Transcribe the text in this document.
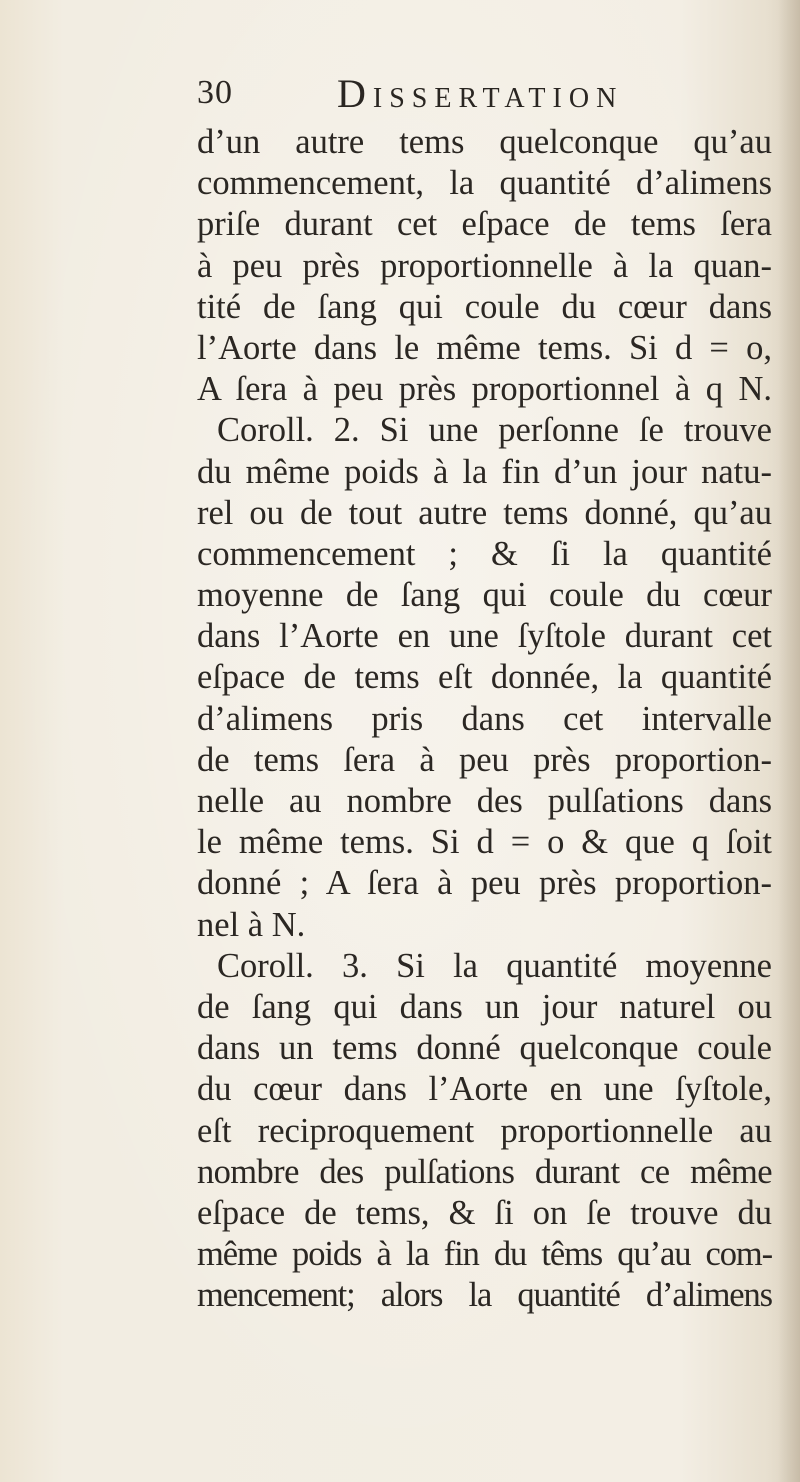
30	Dissertation
d’un autre tems quelconque qu’au
commencement, la quantité d’alimens
priſe durant cet eſpace de tems ſera
à peu près proportionnelle à la quan-
tité de ſang qui coule du cœur dans
l’Aorte dans le même tems. Si d = o,
A ſera à peu près proportionnel à q N.
Coroll. 2. Si une perſonne ſe trouve
du même poids à la fin d’un jour natu-
rel ou de tout autre tems donné, qu’au
commencement ; & ſi la quantité
moyenne de ſang qui coule du cœur
dans l’Aorte en une ſyſtole durant cet
eſpace de tems eſt donnée, la quantité
d’alimens pris dans cet intervalle
de tems ſera à peu près proportion-
nelle au nombre des pulſations dans
le même tems. Si d = o & que q ſoit
donné ; A ſera à peu près proportion-
nel à N.
Coroll. 3. Si la quantité moyenne
de ſang qui dans un jour naturel ou
dans un tems donné quelconque coule
du cœur dans l’Aorte en une ſyſtole,
eſt reciproquement proportionnelle au
nombre des pulſations durant ce même
eſpace de tems, & ſi on ſe trouve du
même poids à la fin du têms qu’au com-
mencement; alors la quantité d’alimens
